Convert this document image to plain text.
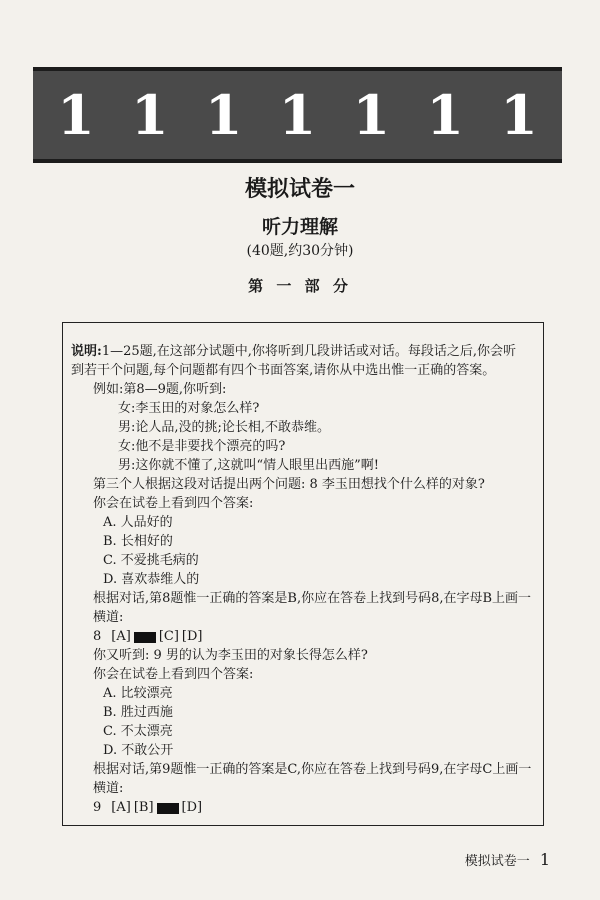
1 1 1 1 1 1 1
模拟试卷一
听力理解
(40题,约30分钟)
第 一 部 分
说明:1—25题,在这部分试题中,你将听到几段讲话或对话。每段话之后,你会听
到若干个问题,每个问题都有四个书面答案,请你从中选出惟一正确的答案。
例如:第8—9题,你听到:
女:李玉田的对象怎么样?
男:论人品,没的挑;论长相,不敢恭维。
女:他不是非要找个漂亮的吗?
男:这你就不懂了,这就叫“情人眼里出西施”啊!
第三个人根据这段对话提出两个问题: 8 李玉田想找个什么样的对象?
你会在试卷上看到四个答案:
A. 人品好的
B. 长相好的
C. 不爱挑毛病的
D. 喜欢恭维人的
根据对话,第8题惟一正确的答案是B,你应在答卷上找到号码8,在字母B上画一
横道:
8 [A] [C] [D]
你又听到: 9 男的认为李玉田的对象长得怎么样?
你会在试卷上看到四个答案:
A. 比较漂亮
B. 胜过西施
C. 不太漂亮
D. 不敢公开
根据对话,第9题惟一正确的答案是C,你应在答卷上找到号码9,在字母C上画一
横道:
9 [A] [B] [D]
模拟试卷一 1
